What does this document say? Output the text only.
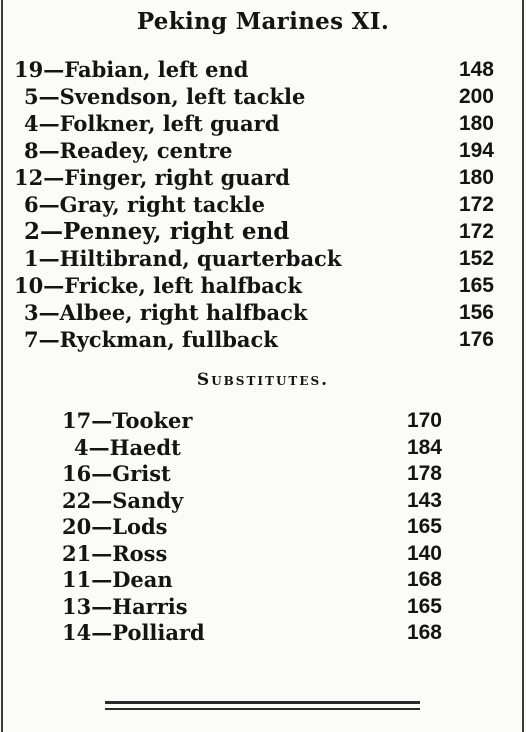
Peking Marines XI.
19—Fabian, left end	148
5—Svendson, left tackle	200
4—Folkner, left guard	180
8—Readey, centre	194
12—Finger, right guard	180
6—Gray, right tackle	172
2—Penney, right end	172
1—Hiltibrand, quarterback	152
10—Fricke, left halfback	165
3—Albee, right halfback	156
7—Ryckman, fullback	176
Substitutes.
17—Tooker	170
4—Haedt	184
16—Grist	178
22—Sandy	143
20—Lods	165
21—Ross	140
11—Dean	168
13—Harris	165
14—Polliard	168
